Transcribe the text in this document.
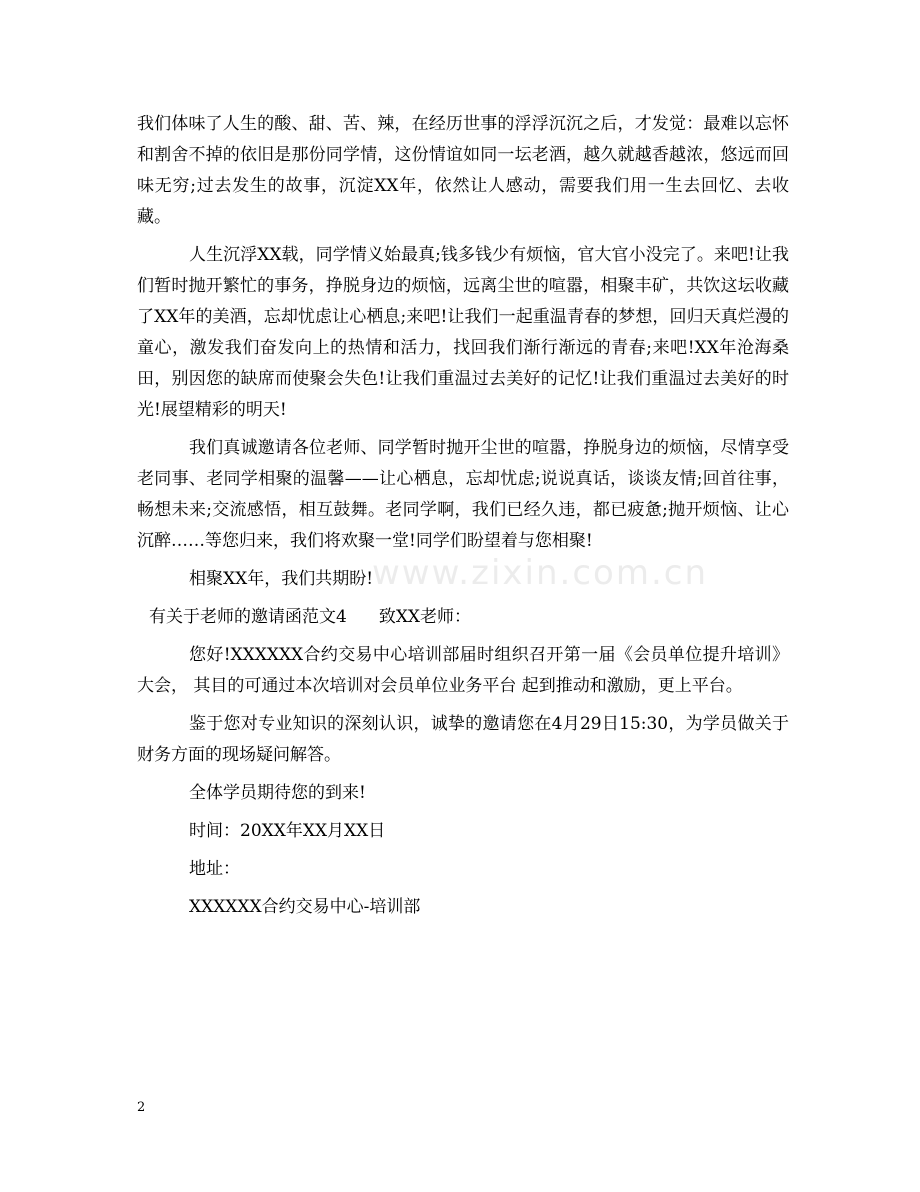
www.zixin.com.cn

我们体味了人生的酸、甜、苦、辣，在经历世事的浮浮沉沉之后，才发觉：最难以忘怀和割舍不掉的依旧是那份同学情，这份情谊如同一坛老酒，越久就越香越浓，悠远而回味无穷;过去发生的故事，沉淀XX年，依然让人感动，需要我们用一生去回忆、去收藏。

人生沉浮XX载，同学情义始最真;钱多钱少有烦恼，官大官小没完了。来吧!让我们暂时抛开繁忙的事务，挣脱身边的烦恼，远离尘世的喧嚣，相聚丰矿，共饮这坛收藏了XX年的美酒，忘却忧虑让心栖息;来吧!让我们一起重温青春的梦想，回归天真烂漫的童心，激发我们奋发向上的热情和活力，找回我们渐行渐远的青春;来吧!XX年沧海桑田，别因您的缺席而使聚会失色!让我们重温过去美好的记忆!让我们重温过去美好的时光!展望精彩的明天!

我们真诚邀请各位老师、同学暂时抛开尘世的喧嚣，挣脱身边的烦恼，尽情享受老同事、老同学相聚的温馨——让心栖息，忘却忧虑;说说真话，谈谈友情;回首往事，畅想未来;交流感悟，相互鼓舞。老同学啊，我们已经久违，都已疲惫;抛开烦恼、让心沉醉……等您归来，我们将欢聚一堂!同学们盼望着与您相聚!

相聚XX年，我们共期盼!

有关于老师的邀请函范文4 致XX老师：

您好!XXXXXX合约交易中心培训部届时组织召开第一届《会员单位提升培训》大会， 其目的可通过本次培训对会员单位业务平台 起到推动和激励，更上平台。

鉴于您对专业知识的深刻认识，诚挚的邀请您在4月29日15:30，为学员做关于财务方面的现场疑问解答。

全体学员期待您的到来!

时间：20XX年XX月XX日

地址：

XXXXXX合约交易中心-培训部

2
